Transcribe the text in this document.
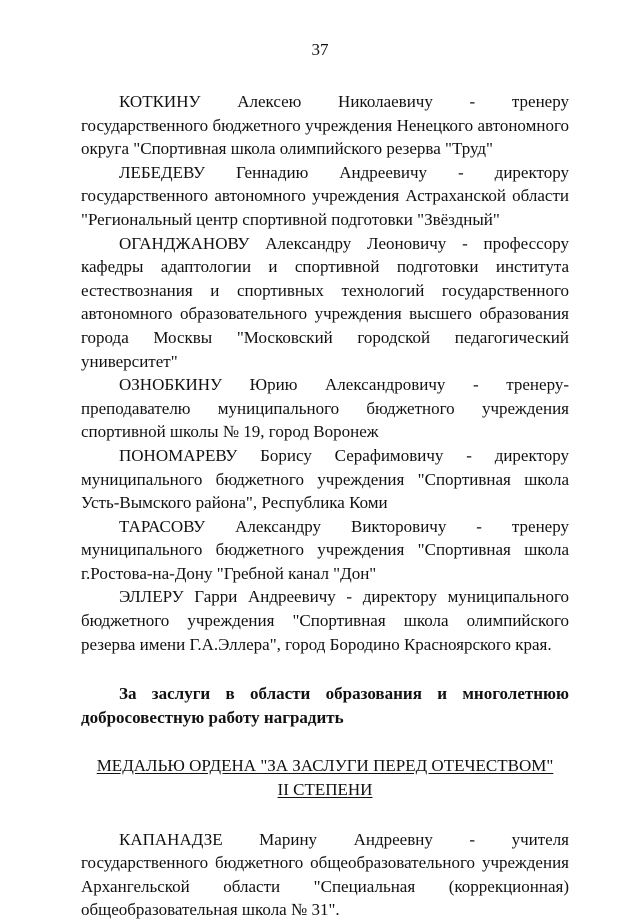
37

КОТКИНУ Алексею Николаевичу - тренеру государственного бюджетного учреждения Ненецкого автономного округа "Спортивная школа олимпийского резерва "Труд"

ЛЕБЕДЕВУ Геннадию Андреевичу - директору государственного автономного учреждения Астраханской области "Региональный центр спортивной подготовки "Звёздный"

ОГАНДЖАНОВУ Александру Леоновичу - профессору кафедры адаптологии и спортивной подготовки института естествознания и спортивных технологий государственного автономного образовательного учреждения высшего образования города Москвы "Московский городской педагогический университет"

ОЗНОБКИНУ Юрию Александровичу - тренеру-преподавателю муниципального бюджетного учреждения спортивной школы № 19, город Воронеж

ПОНОМАРЕВУ Борису Серафимовичу - директору муниципального бюджетного учреждения "Спортивная школа Усть-Вымского района", Республика Коми

ТАРАСОВУ Александру Викторовичу - тренеру муниципального бюджетного учреждения "Спортивная школа г.Ростова-на-Дону "Гребной канал "Дон"

ЭЛЛЕРУ Гарри Андреевичу - директору муниципального бюджетного учреждения "Спортивная школа олимпийского резерва имени Г.А.Эллера", город Бородино Красноярского края.

За заслуги в области образования и многолетнюю добросовестную работу наградить

МЕДАЛЬЮ ОРДЕНА "ЗА ЗАСЛУГИ ПЕРЕД ОТЕЧЕСТВОМ"
II СТЕПЕНИ

КАПАНАДЗЕ Марину Андреевну - учителя государственного бюджетного общеобразовательного учреждения Архангельской области "Специальная (коррекционная) общеобразовательная школа № 31".
